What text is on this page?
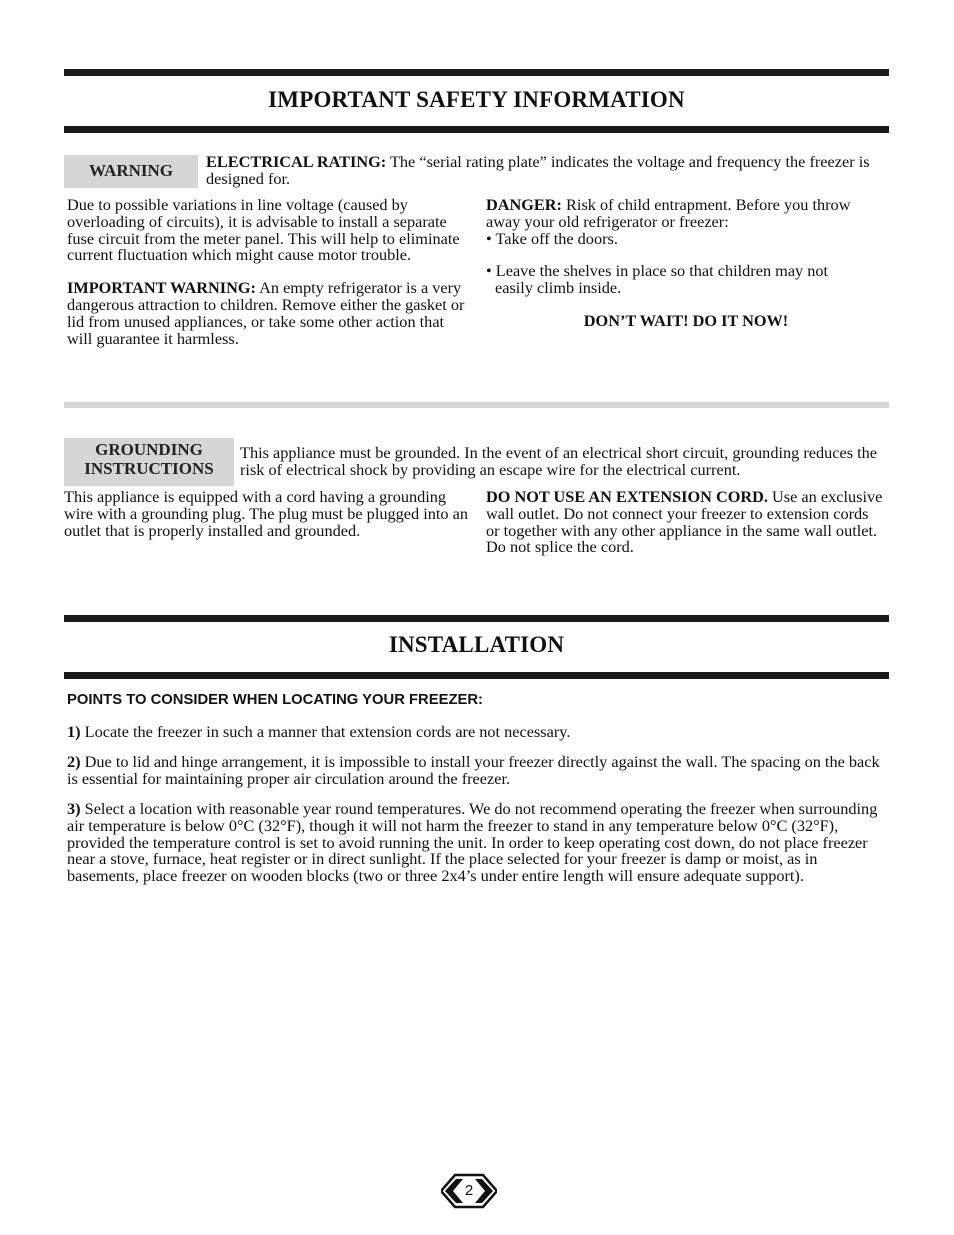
IMPORTANT SAFETY INFORMATION
WARNING	ELECTRICAL RATING: The “serial rating plate” indicates the voltage and frequency the freezer is designed for.

Due to possible variations in line voltage (caused by overloading of circuits), it is advisable to install a separate fuse circuit from the meter panel. This will help to eliminate current fluctuation which might cause motor trouble.

IMPORTANT WARNING: An empty refrigerator is a very dangerous attraction to children. Remove either the gasket or lid from unused appliances, or take some other action that will guarantee it harmless.

DANGER: Risk of child entrapment. Before you throw away your old refrigerator or freezer:
• Take off the doors.

• Leave the shelves in place so that children may not
easily climb inside.

DON’T WAIT! DO IT NOW!

GROUNDING
INSTRUCTIONS
This appliance must be grounded. In the event of an electrical short circuit, grounding reduces the risk of electrical shock by providing an escape wire for the electrical current.
This appliance is equipped with a cord having a grounding wire with a grounding plug. The plug must be plugged into an outlet that is properly installed and grounded.
DO NOT USE AN EXTENSION CORD. Use an exclusive wall outlet. Do not connect your freezer to extension cords or together with any other appliance in the same wall outlet. Do not splice the cord.
INSTALLATION

POINTS TO CONSIDER WHEN LOCATING YOUR FREEZER:

1) Locate the freezer in such a manner that extension cords are not necessary.

2) Due to lid and hinge arrangement, it is impossible to install your freezer directly against the wall. The spacing on the back is essential for maintaining proper air circulation around the freezer.

3) Select a location with reasonable year round temperatures. We do not recommend operating the freezer when surrounding air temperature is below 0°C (32°F), though it will not harm the freezer to stand in any temperature below 0°C (32°F), provided the temperature control is set to avoid running the unit. In order to keep operating cost down, do not place freezer near a stove, furnace, heat register or in direct sunlight. If the place selected for your freezer is damp or moist, as in basements, place freezer on wooden blocks (two or three 2x4’s under entire length will ensure adequate support).

2
